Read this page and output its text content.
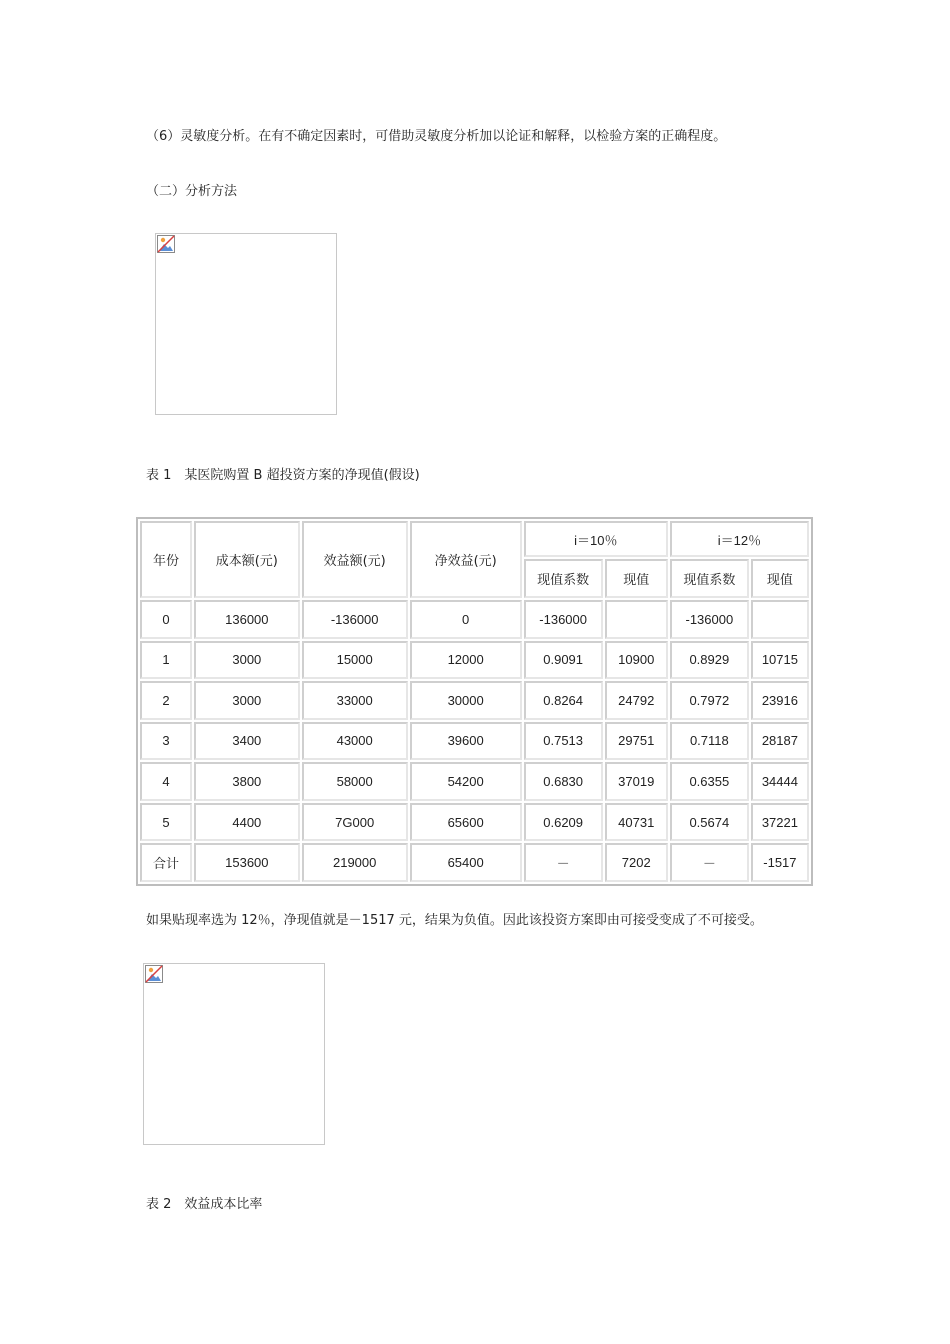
（6）灵敏度分析。在有不确定因素时，可借助灵敏度分析加以论证和解释，以检验方案的正确程度。

（二）分析方法

表 1　某医院购置 B 超投资方案的净现值(假设)

年份	成本额(元)	效益额(元)	净效益(元)	i＝10％		i＝12％	
				现值系数	现值	现值系数	现值
0	136000	-136000	0	-136000		-136000	
1	3000	15000	12000	0.9091	10900	0.8929	10715
2	3000	33000	30000	0.8264	24792	0.7972	23916
3	3400	43000	39600	0.7513	29751	0.7118	28187
4	3800	58000	54200	0.6830	37019	0.6355	34444
5	4400	7G000	65600	0.6209	40731	0.5674	37221
合计	153600	219000	65400	－	7202	－	-1517

如果贴现率选为 12％，净现值就是－1517 元，结果为负值。因此该投资方案即由可接受变成了不可接受。

表 2　效益成本比率
